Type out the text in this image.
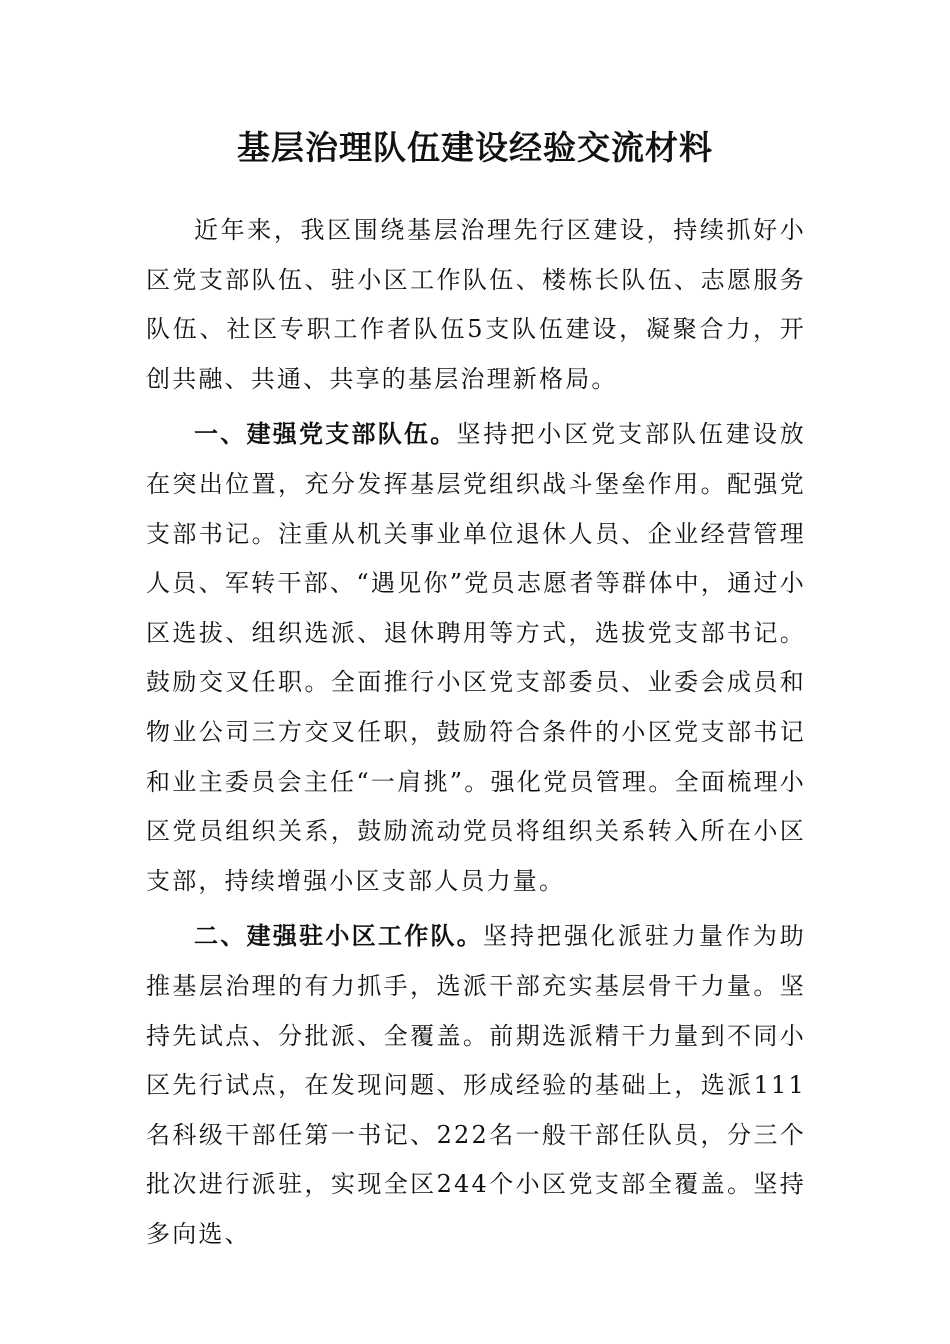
基层治理队伍建设经验交流材料

近年来，我区围绕基层治理先行区建设，持续抓好小区党支部队伍、驻小区工作队伍、楼栋长队伍、志愿服务队伍、社区专职工作者队伍5支队伍建设，凝聚合力，开创共融、共通、共享的基层治理新格局。

一、建强党支部队伍。坚持把小区党支部队伍建设放在突出位置，充分发挥基层党组织战斗堡垒作用。配强党支部书记。注重从机关事业单位退休人员、企业经营管理人员、军转干部、“遇见你”党员志愿者等群体中，通过小区选拔、组织选派、退休聘用等方式，选拔党支部书记。鼓励交叉任职。全面推行小区党支部委员、业委会成员和物业公司三方交叉任职，鼓励符合条件的小区党支部书记和业主委员会主任“一肩挑”。强化党员管理。全面梳理小区党员组织关系，鼓励流动党员将组织关系转入所在小区支部，持续增强小区支部人员力量。

二、建强驻小区工作队。坚持把强化派驻力量作为助推基层治理的有力抓手，选派干部充实基层骨干力量。坚持先试点、分批派、全覆盖。前期选派精干力量到不同小区先行试点，在发现问题、形成经验的基础上，选派111名科级干部任第一书记、222名一般干部任队员，分三个批次进行派驻，实现全区244个小区党支部全覆盖。坚持多向选、
